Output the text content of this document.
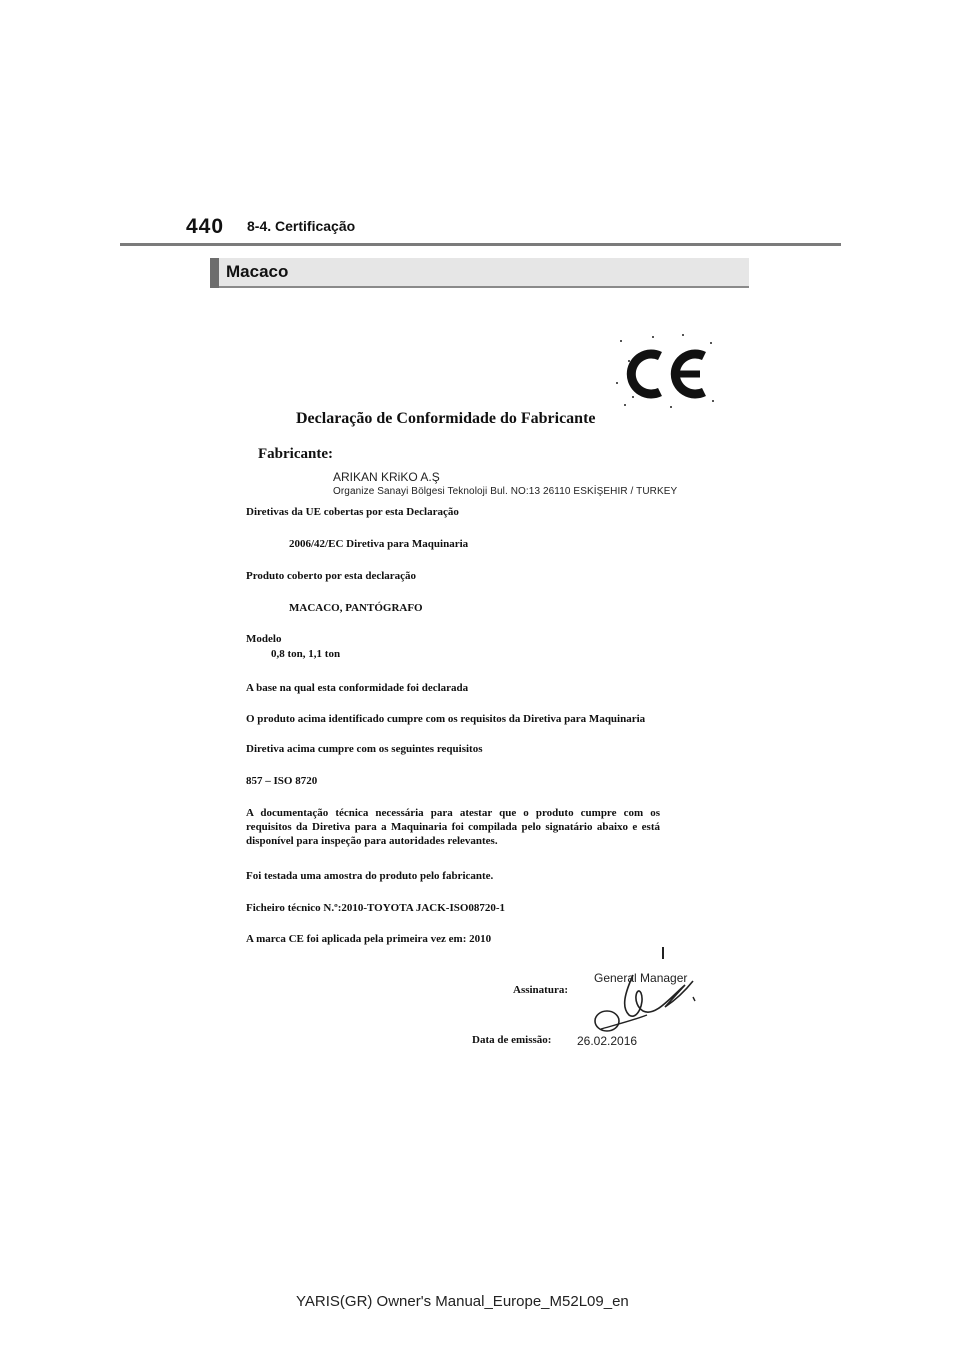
440 8-4. Certificação
Macaco
Declaração de Conformidade do Fabricante
Fabricante:
ARIKAN KRiKO A.Ş
Organize Sanayi Bölgesi Teknoloji Bul. NO:13 26110 ESKİŞEHIR / TURKEY
Diretivas da UE cobertas por esta Declaração
2006/42/EC Diretiva para Maquinaria
Produto coberto por esta declaração
MACACO, PANTÓGRAFO
Modelo
0,8 ton, 1,1 ton
A base na qual esta conformidade foi declarada
O produto acima identificado cumpre com os requisitos da Diretiva para Maquinaria
Diretiva acima cumpre com os seguintes requisitos
857 – ISO 8720
A documentação técnica necessária para atestar que o produto cumpre com os requisitos da Diretiva para a Maquinaria foi compilada pelo signatário abaixo e está disponível para inspeção para autoridades relevantes.
Foi testada uma amostra do produto pelo fabricante.
Ficheiro técnico N.º:2010-TOYOTA JACK-ISO08720-1
A marca CE foi aplicada pela primeira vez em: 2010
Assinatura:
Data de emissão:
General Manager
26.02.2016
YARIS(GR) Owner's Manual_Europe_M52L09_en
